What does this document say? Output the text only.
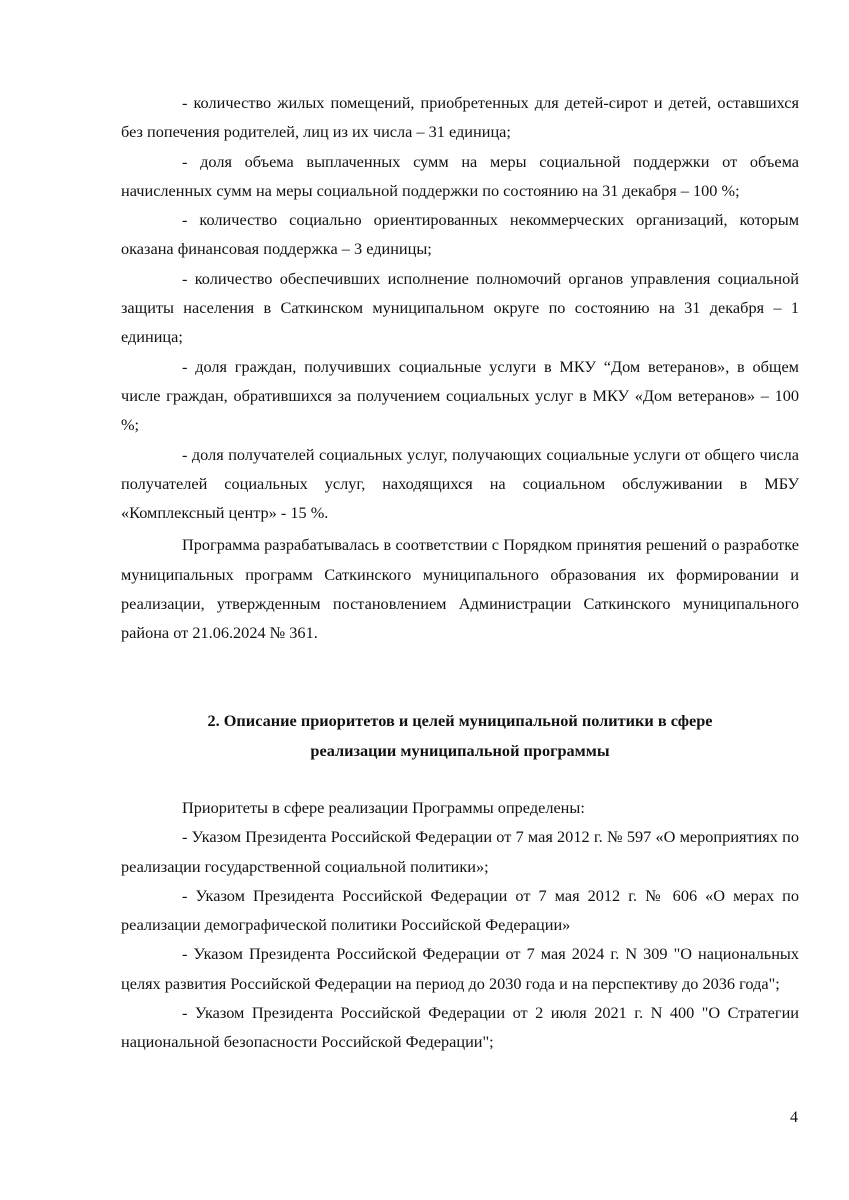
- количество жилых помещений, приобретенных для детей-сирот и детей, оставшихся без попечения родителей, лиц из их числа – 31 единица;

- доля объема выплаченных сумм на меры социальной поддержки от объема начисленных сумм на меры социальной поддержки по состоянию на 31 декабря – 100 %;

- количество социально ориентированных некоммерческих организаций, которым оказана финансовая поддержка – 3 единицы;

- количество обеспечивших исполнение полномочий органов управления социальной защиты населения в Саткинском муниципальном округе по состоянию на 31 декабря – 1 единица;

- доля граждан, получивших социальные услуги в МКУ “Дом ветеранов», в общем числе граждан, обратившихся за получением социальных услуг в МКУ «Дом ветеранов» – 100 %;

- доля получателей социальных услуг, получающих социальные услуги от общего числа получателей социальных услуг, находящихся на социальном обслуживании в МБУ «Комплексный центр» - 15 %.

Программа разрабатывалась в соответствии с Порядком принятия решений о разработке муниципальных программ Саткинского муниципального образования их формировании и реализации, утвержденным постановлением Администрации Саткинского муниципального района от 21.06.2024 № 361.

2. Описание приоритетов и целей муниципальной политики в сфере
реализации муниципальной программы

Приоритеты в сфере реализации Программы определены:

- Указом Президента Российской Федерации от 7 мая 2012 г. № 597 «О мероприятиях по реализации государственной социальной политики»;

- Указом Президента Российской Федерации от 7 мая 2012 г. № 606 «О мерах по реализации демографической политики Российской Федерации»

- Указом Президента Российской Федерации от 7 мая 2024 г. N 309 "О национальных целях развития Российской Федерации на период до 2030 года и на перспективу до 2036 года";

- Указом Президента Российской Федерации от 2 июля 2021 г. N 400 "О Стратегии национальной безопасности Российской Федерации";

4
